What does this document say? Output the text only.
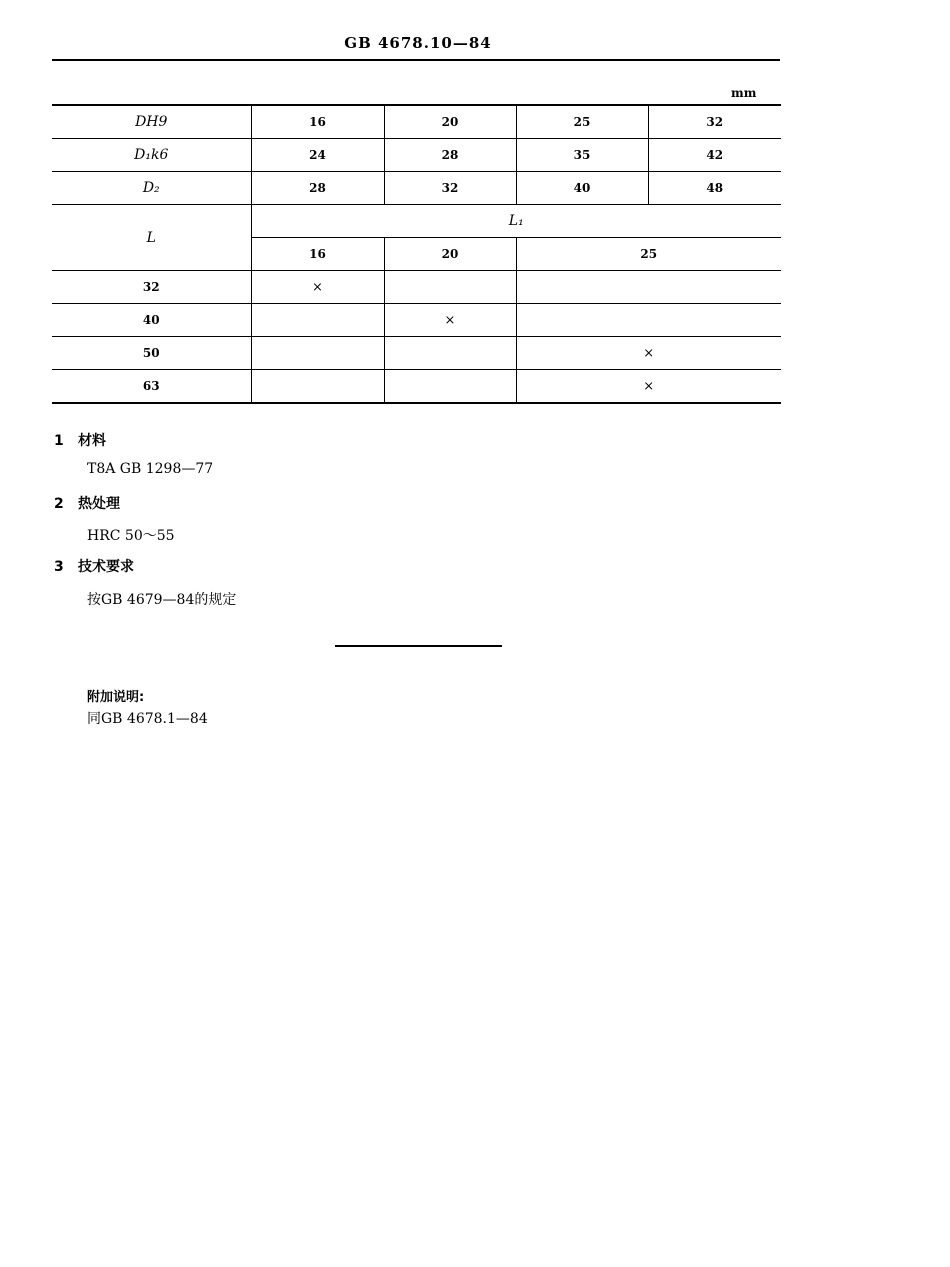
GB 4678.10—84
mm
DH9	16	20	25	32
D₁k6	24	28	35	42
D₂	28	32	40	48
L	L₁			
	16	20	25	
32	×			
40		×		
50			×	
63			×	
1 材料
T8A GB 1298—77
2 热处理
HRC 50～55
3 技术要求
按GB 4679—84的规定
附加说明:
同GB 4678.1—84
